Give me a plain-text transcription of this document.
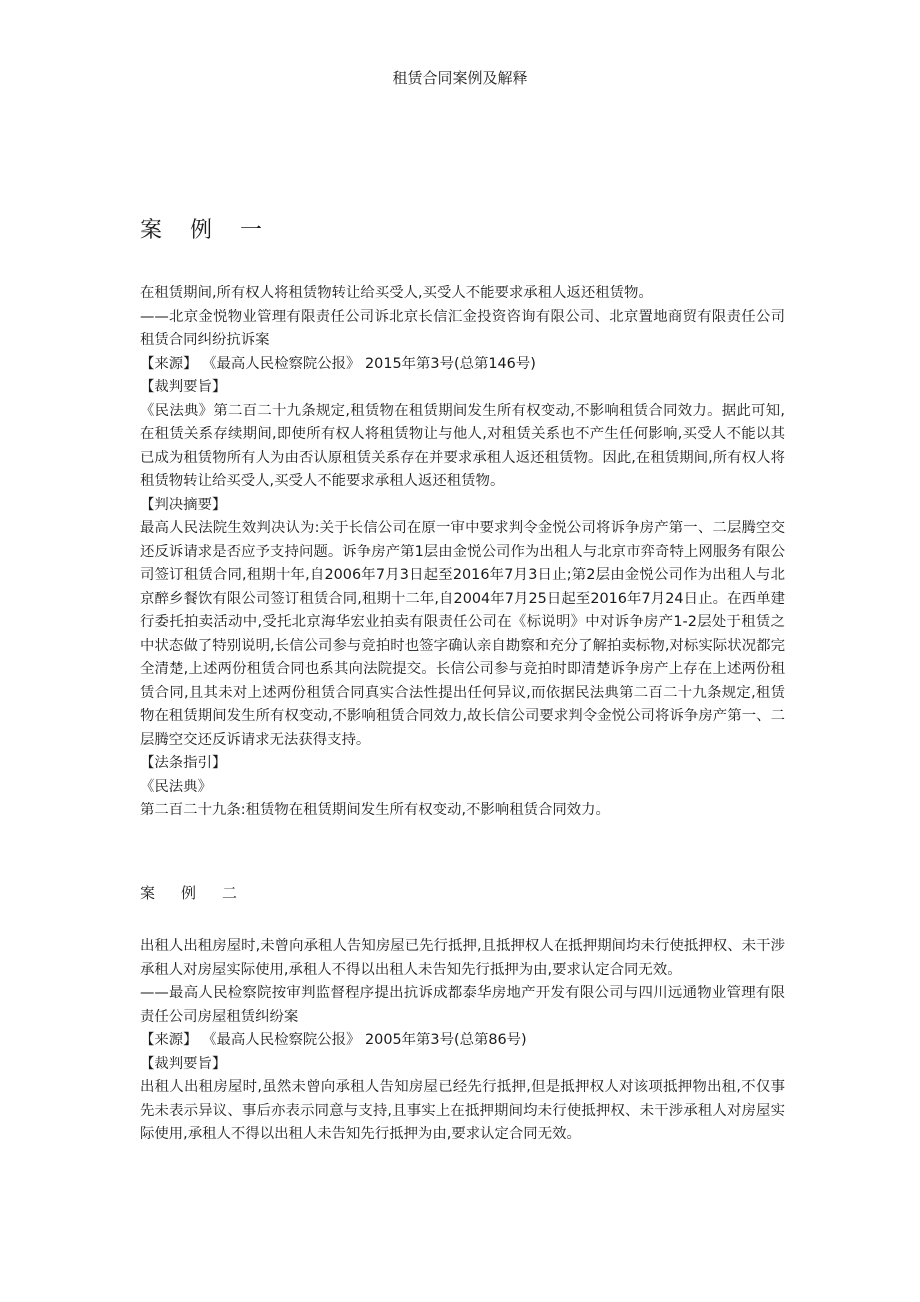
租赁合同案例及解释
案例一

在租赁期间,所有权人将租赁物转让给买受人,买受人不能要求承租人返还租赁物。

——北京金悦物业管理有限责任公司诉北京长信汇金投资咨询有限公司、北京置地商贸有限责任公司租赁合同纠纷抗诉案

【来源】 《最高人民检察院公报》 2015年第3号(总第146号)

【裁判要旨】

《民法典》第二百二十九条规定,租赁物在租赁期间发生所有权变动,不影响租赁合同效力。据此可知,在租赁关系存续期间,即使所有权人将租赁物让与他人,对租赁关系也不产生任何影响,买受人不能以其已成为租赁物所有人为由否认原租赁关系存在并要求承租人返还租赁物。因此,在租赁期间,所有权人将租赁物转让给买受人,买受人不能要求承租人返还租赁物。

【判决摘要】

最高人民法院生效判决认为:关于长信公司在原一审中要求判令金悦公司将诉争房产第一、二层腾空交还反诉请求是否应予支持问题。诉争房产第1层由金悦公司作为出租人与北京市弈奇特上网服务有限公司签订租赁合同,租期十年,自2006年7月3日起至2016年7月3日止;第2层由金悦公司作为出租人与北京醉乡餐饮有限公司签订租赁合同,租期十二年,自2004年7月25日起至2016年7月24日止。在西单建行委托拍卖活动中,受托北京海华宏业拍卖有限责任公司在《标说明》中对诉争房产1-2层处于租赁之中状态做了特别说明,长信公司参与竞拍时也签字确认亲自勘察和充分了解拍卖标物,对标实际状况都完全清楚,上述两份租赁合同也系其向法院提交。长信公司参与竞拍时即清楚诉争房产上存在上述两份租赁合同,且其未对上述两份租赁合同真实合法性提出任何异议,而依据民法典第二百二十九条规定,租赁物在租赁期间发生所有权变动,不影响租赁合同效力,故长信公司要求判令金悦公司将诉争房产第一、二层腾空交还反诉请求无法获得支持。

【法条指引】

《民法典》

第二百二十九条:租赁物在租赁期间发生所有权变动,不影响租赁合同效力。

案例二

出租人出租房屋时,未曾向承租人告知房屋已先行抵押,且抵押权人在抵押期间均未行使抵押权、未干涉承租人对房屋实际使用,承租人不得以出租人未告知先行抵押为由,要求认定合同无效。

——最高人民检察院按审判监督程序提出抗诉成都泰华房地产开发有限公司与四川远通物业管理有限责任公司房屋租赁纠纷案

【来源】 《最高人民检察院公报》 2005年第3号(总第86号)

【裁判要旨】

出租人出租房屋时,虽然未曾向承租人告知房屋已经先行抵押,但是抵押权人对该项抵押物出租,不仅事先未表示异议、事后亦表示同意与支持,且事实上在抵押期间均未行使抵押权、未干涉承租人对房屋实际使用,承租人不得以出租人未告知先行抵押为由,要求认定合同无效。
